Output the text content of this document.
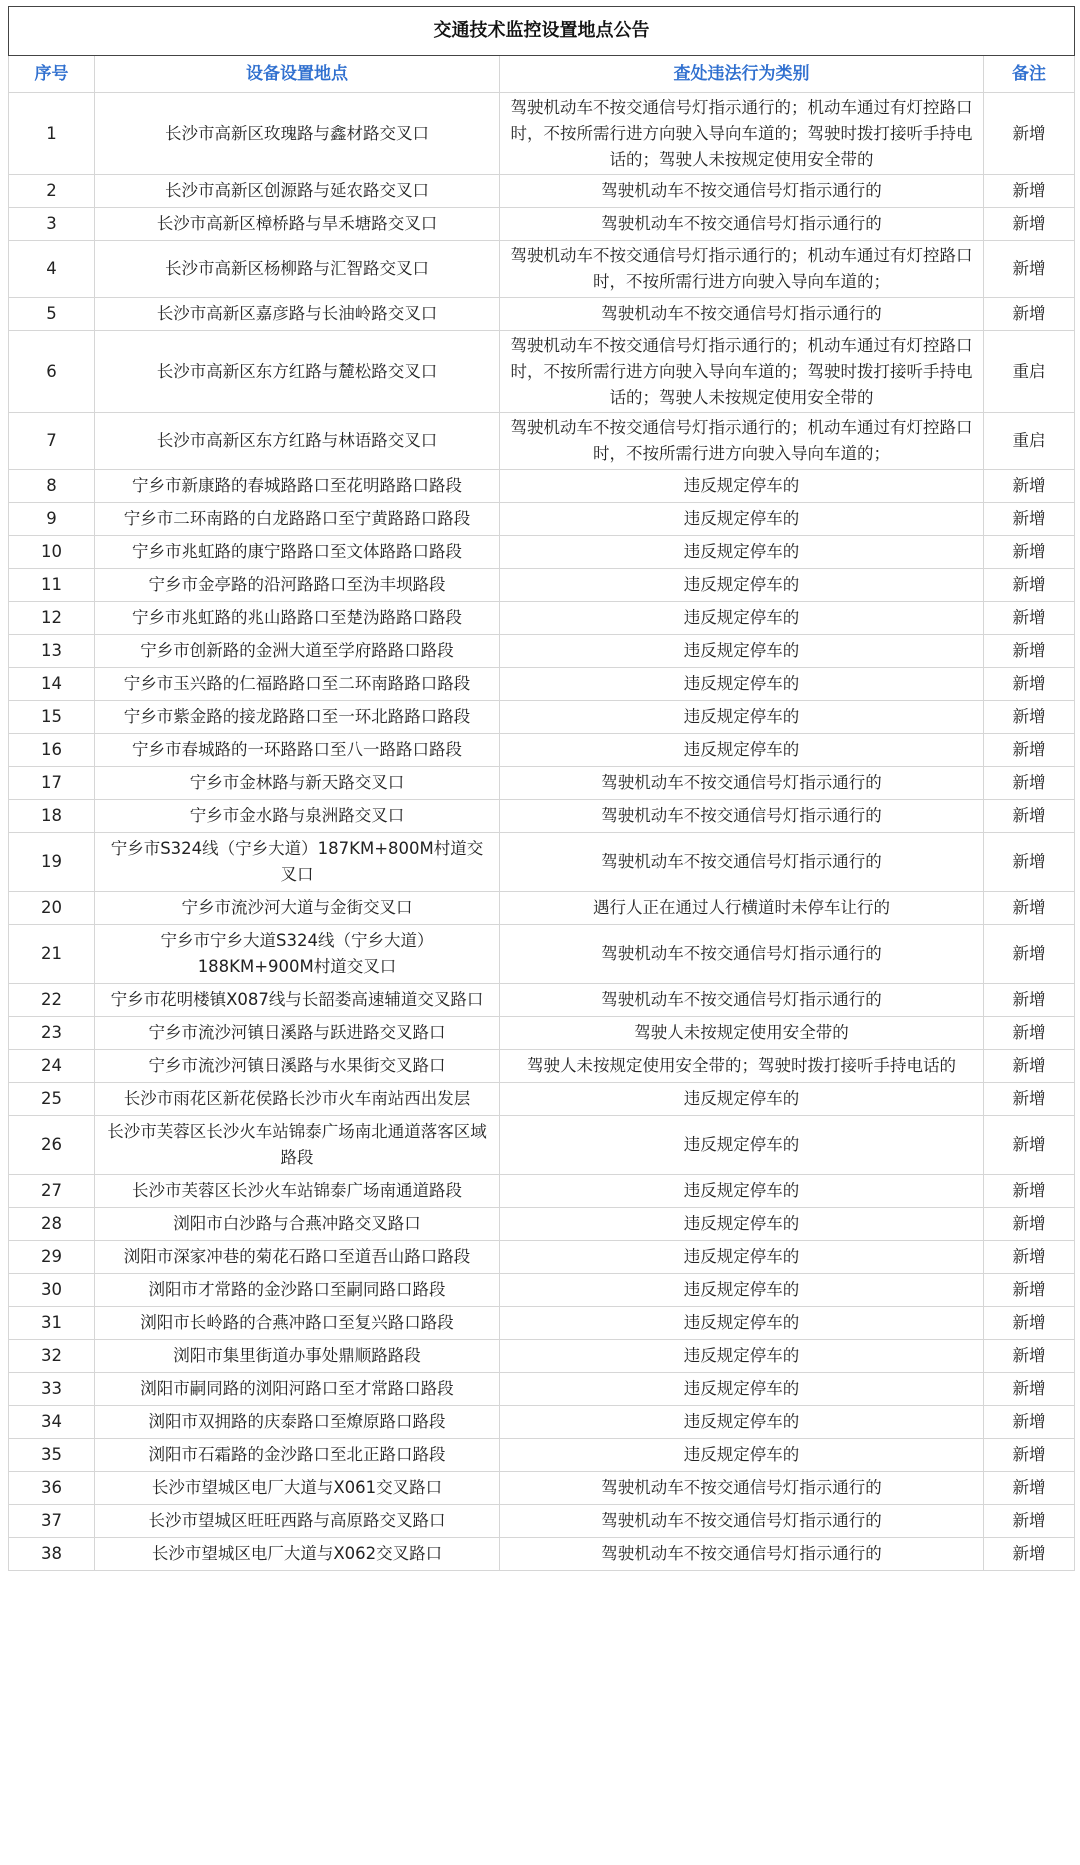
交通技术监控设置地点公告			
序号	设备设置地点	查处违法行为类别	备注
1	长沙市高新区玫瑰路与鑫材路交叉口	驾驶机动车不按交通信号灯指示通行的；机动车通过有灯控路口时，不按所需行进方向驶入导向车道的；驾驶时拨打接听手持电话的；驾驶人未按规定使用安全带的	新增
2	长沙市高新区创源路与延农路交叉口	驾驶机动车不按交通信号灯指示通行的	新增
3	长沙市高新区樟桥路与旱禾塘路交叉口	驾驶机动车不按交通信号灯指示通行的	新增
4	长沙市高新区杨柳路与汇智路交叉口	驾驶机动车不按交通信号灯指示通行的；机动车通过有灯控路口时，不按所需行进方向驶入导向车道的；	新增
5	长沙市高新区嘉彦路与长油岭路交叉口	驾驶机动车不按交通信号灯指示通行的	新增
6	长沙市高新区东方红路与麓松路交叉口	驾驶机动车不按交通信号灯指示通行的；机动车通过有灯控路口时，不按所需行进方向驶入导向车道的；驾驶时拨打接听手持电话的；驾驶人未按规定使用安全带的	重启
7	长沙市高新区东方红路与林语路交叉口	驾驶机动车不按交通信号灯指示通行的；机动车通过有灯控路口时，不按所需行进方向驶入导向车道的；	重启
8	宁乡市新康路的春城路路口至花明路路口路段	违反规定停车的	新增
9	宁乡市二环南路的白龙路路口至宁黄路路口路段	违反规定停车的	新增
10	宁乡市兆虹路的康宁路路口至文体路路口路段	违反规定停车的	新增
11	宁乡市金亭路的沿河路路口至沩丰坝路段	违反规定停车的	新增
12	宁乡市兆虹路的兆山路路口至楚沩路路口路段	违反规定停车的	新增
13	宁乡市创新路的金洲大道至学府路路口路段	违反规定停车的	新增
14	宁乡市玉兴路的仁福路路口至二环南路路口路段	违反规定停车的	新增
15	宁乡市紫金路的接龙路路口至一环北路路口路段	违反规定停车的	新增
16	宁乡市春城路的一环路路口至八一路路口路段	违反规定停车的	新增
17	宁乡市金林路与新天路交叉口	驾驶机动车不按交通信号灯指示通行的	新增
18	宁乡市金水路与泉洲路交叉口	驾驶机动车不按交通信号灯指示通行的	新增
19	宁乡市S324线（宁乡大道）187KM+800M村道交叉口	驾驶机动车不按交通信号灯指示通行的	新增
20	宁乡市流沙河大道与金街交叉口	遇行人正在通过人行横道时未停车让行的	新增
21	宁乡市宁乡大道S324线（宁乡大道）188KM+900M村道交叉口	驾驶机动车不按交通信号灯指示通行的	新增
22	宁乡市花明楼镇X087线与长韶娄高速辅道交叉路口	驾驶机动车不按交通信号灯指示通行的	新增
23	宁乡市流沙河镇日溪路与跃进路交叉路口	驾驶人未按规定使用安全带的	新增
24	宁乡市流沙河镇日溪路与水果街交叉路口	驾驶人未按规定使用安全带的；驾驶时拨打接听手持电话的	新增
25	长沙市雨花区新花侯路长沙市火车南站西出发层	违反规定停车的	新增
26	长沙市芙蓉区长沙火车站锦泰广场南北通道落客区域路段	违反规定停车的	新增
27	长沙市芙蓉区长沙火车站锦泰广场南通道路段	违反规定停车的	新增
28	浏阳市白沙路与合燕冲路交叉路口	违反规定停车的	新增
29	浏阳市深家冲巷的菊花石路口至道吾山路口路段	违反规定停车的	新增
30	浏阳市才常路的金沙路口至嗣同路口路段	违反规定停车的	新增
31	浏阳市长岭路的合燕冲路口至复兴路口路段	违反规定停车的	新增
32	浏阳市集里街道办事处鼎顺路路段	违反规定停车的	新增
33	浏阳市嗣同路的浏阳河路口至才常路口路段	违反规定停车的	新增
34	浏阳市双拥路的庆泰路口至燎原路口路段	违反规定停车的	新增
35	浏阳市石霜路的金沙路口至北正路口路段	违反规定停车的	新增
36	长沙市望城区电厂大道与X061交叉路口	驾驶机动车不按交通信号灯指示通行的	新增
37	长沙市望城区旺旺西路与高原路交叉路口	驾驶机动车不按交通信号灯指示通行的	新增
38	长沙市望城区电厂大道与X062交叉路口	驾驶机动车不按交通信号灯指示通行的	新增
